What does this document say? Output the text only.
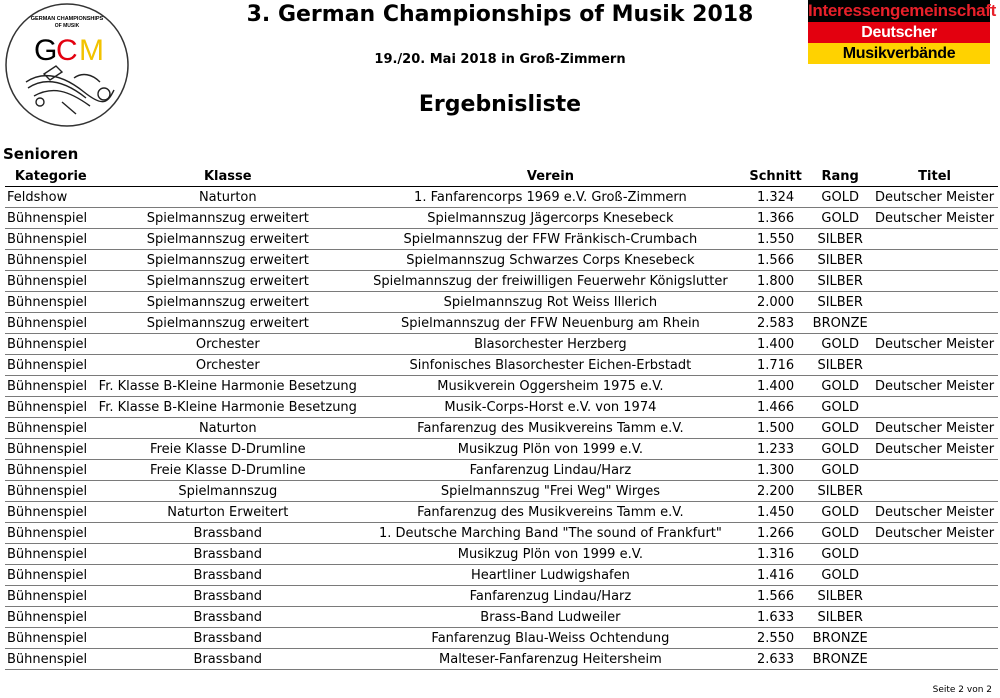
GERMAN CHAMPIONSHIPS
OF MUSIK
G
C M
3. German Championships of Musik 2018
19./20. Mai 2018 in Groß-Zimmern
Ergebnisliste
Interessengemeinschaft
Deutscher
Musikverbände
Senioren
Kategorie	Klasse	Verein	Schnitt	Rang	Titel
Feldshow	Naturton	1. Fanfarencorps 1969 e.V. Groß-Zimmern	1.324	GOLD	Deutscher Meister
Bühnenspiel	Spielmannszug erweitert	Spielmannszug Jägercorps Knesebeck	1.366	GOLD	Deutscher Meister
Bühnenspiel	Spielmannszug erweitert	Spielmannszug der FFW Fränkisch-Crumbach	1.550	SILBER	
Bühnenspiel	Spielmannszug erweitert	Spielmannszug Schwarzes Corps Knesebeck	1.566	SILBER	
Bühnenspiel	Spielmannszug erweitert	Spielmannszug der freiwilligen Feuerwehr Königslutter	1.800	SILBER	
Bühnenspiel	Spielmannszug erweitert	Spielmannszug Rot Weiss Illerich	2.000	SILBER	
Bühnenspiel	Spielmannszug erweitert	Spielmannszug der FFW Neuenburg am Rhein	2.583	BRONZE	
Bühnenspiel	Orchester	Blasorchester Herzberg	1.400	GOLD	Deutscher Meister
Bühnenspiel	Orchester	Sinfonisches Blasorchester Eichen-Erbstadt	1.716	SILBER	
Bühnenspiel	Fr. Klasse B-Kleine Harmonie Besetzung	Musikverein Oggersheim 1975 e.V.	1.400	GOLD	Deutscher Meister
Bühnenspiel	Fr. Klasse B-Kleine Harmonie Besetzung	Musik-Corps-Horst e.V. von 1974	1.466	GOLD	
Bühnenspiel	Naturton	Fanfarenzug des Musikvereins Tamm e.V.	1.500	GOLD	Deutscher Meister
Bühnenspiel	Freie Klasse D-Drumline	Musikzug Plön von 1999 e.V.	1.233	GOLD	Deutscher Meister
Bühnenspiel	Freie Klasse D-Drumline	Fanfarenzug Lindau/Harz	1.300	GOLD	
Bühnenspiel	Spielmannszug	Spielmannszug "Frei Weg" Wirges	2.200	SILBER	
Bühnenspiel	Naturton Erweitert	Fanfarenzug des Musikvereins Tamm e.V.	1.450	GOLD	Deutscher Meister
Bühnenspiel	Brassband	1. Deutsche Marching Band "The sound of Frankfurt"	1.266	GOLD	Deutscher Meister
Bühnenspiel	Brassband	Musikzug Plön von 1999 e.V.	1.316	GOLD	
Bühnenspiel	Brassband	Heartliner Ludwigshafen	1.416	GOLD	
Bühnenspiel	Brassband	Fanfarenzug Lindau/Harz	1.566	SILBER	
Bühnenspiel	Brassband	Brass-Band Ludweiler	1.633	SILBER	
Bühnenspiel	Brassband	Fanfarenzug Blau-Weiss Ochtendung	2.550	BRONZE	
Bühnenspiel	Brassband	Malteser-Fanfarenzug Heitersheim	2.633	BRONZE	
Seite 2 von 2
